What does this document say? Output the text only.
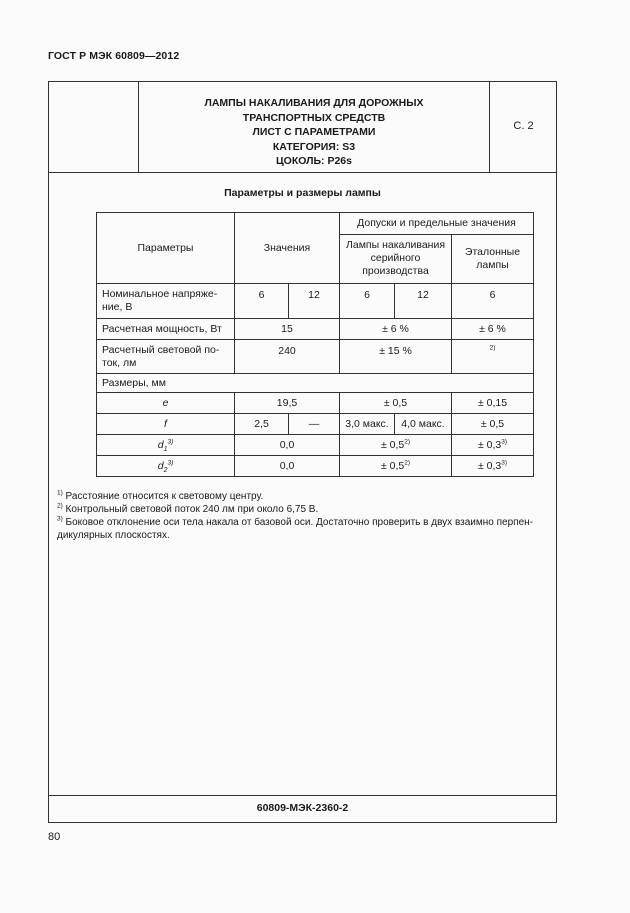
ГОСТ Р МЭК 60809—2012
ЛАМПЫ НАКАЛИВАНИЯ ДЛЯ ДОРОЖНЫХ
ТРАНСПОРТНЫХ СРЕДСТВ
ЛИСТ С ПАРАМЕТРАМИ
КАТЕГОРИЯ: S3
ЦОКОЛЬ: P26s
С. 2
Параметры и размеры лампы
Параметры	Значения		Допуски и предельные значения		
			Лампы накаливания серийного производства		Эталонные лампы
Номинальное напряже-ние, В	6	12	6	12	6
Расчетная мощность, Вт	15		± 6 %		± 6 %
Расчетный световой по-ток, лм	240		± 15 %		$^{2)}$
Размеры, мм					
e	19,5		± 0,5		± 0,15
f	2,5	—	3,0 макс.	4,0 макс.	± 0,5
$d_1^{3)}$	0,0		± $0,5^{2)}$		± $0,3^{3)}$
$d_2^{3)}$	0,0		± $0,5^{2)}$		± $0,3^{3)}$
$^{1)}$ Расстояние относится к световому центру.
$^{2)}$ Контрольный световой поток 240 лм при около 6,75 В.
$^{3)}$ Боковое отклонение оси тела накала от базовой оси. Достаточно проверить в двух взаимно перпен-дикулярных плоскостях.
60809-МЭК-2360-2
80
